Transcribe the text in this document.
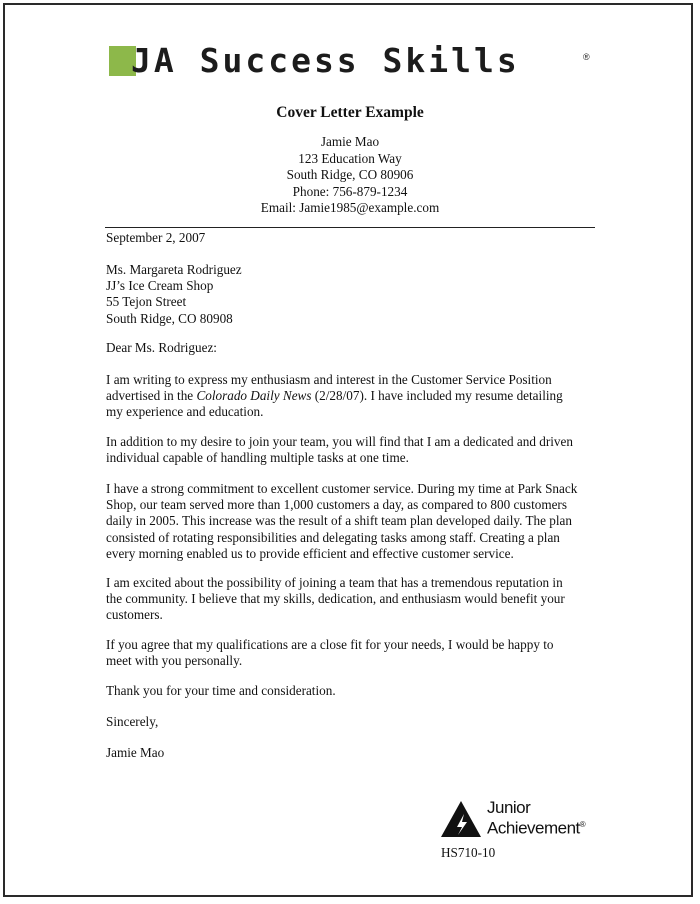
JA Success Skills	®
Cover Letter Example
Jamie Mao
123 Education Way
South Ridge, CO 80906
Phone: 756-879-1234
Email: Jamie1985@example.com
September 2, 2007
Ms. Margareta Rodriguez
JJ’s Ice Cream Shop
55 Tejon Street
South Ridge, CO 80908
Dear Ms. Rodriguez:
I am writing to express my enthusiasm and interest in the Customer Service Position
advertised in the Colorado Daily News (2/28/07). I have included my resume detailing
my experience and education.
In addition to my desire to join your team, you will find that I am a dedicated and driven
individual capable of handling multiple tasks at one time.
I have a strong commitment to excellent customer service. During my time at Park Snack
Shop, our team served more than 1,000 customers a day, as compared to 800 customers
daily in 2005. This increase was the result of a shift team plan developed daily. The plan
consisted of rotating responsibilities and delegating tasks among staff. Creating a plan
every morning enabled us to provide efficient and effective customer service.
I am excited about the possibility of joining a team that has a tremendous reputation in
the community. I believe that my skills, dedication, and enthusiasm would benefit your
customers.
If you agree that my qualifications are a close fit for your needs, I would be happy to
meet with you personally.
Thank you for your time and consideration.
Sincerely,
Jamie Mao
Junior
Achievement®
HS710-10
